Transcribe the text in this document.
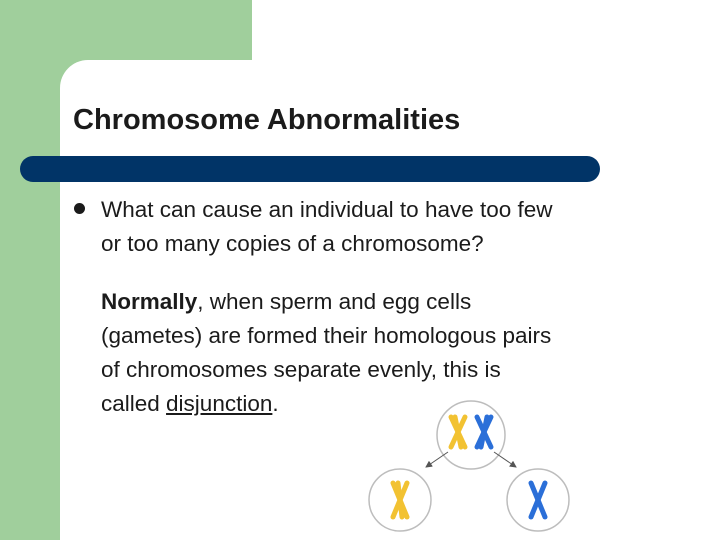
Chromosome Abnormalities

What can cause an individual to have too few
or too many copies of a chromosome?

Normally, when sperm and egg cells
(gametes) are formed their homologous pairs
of chromosomes separate evenly, this is
called disjunction.
